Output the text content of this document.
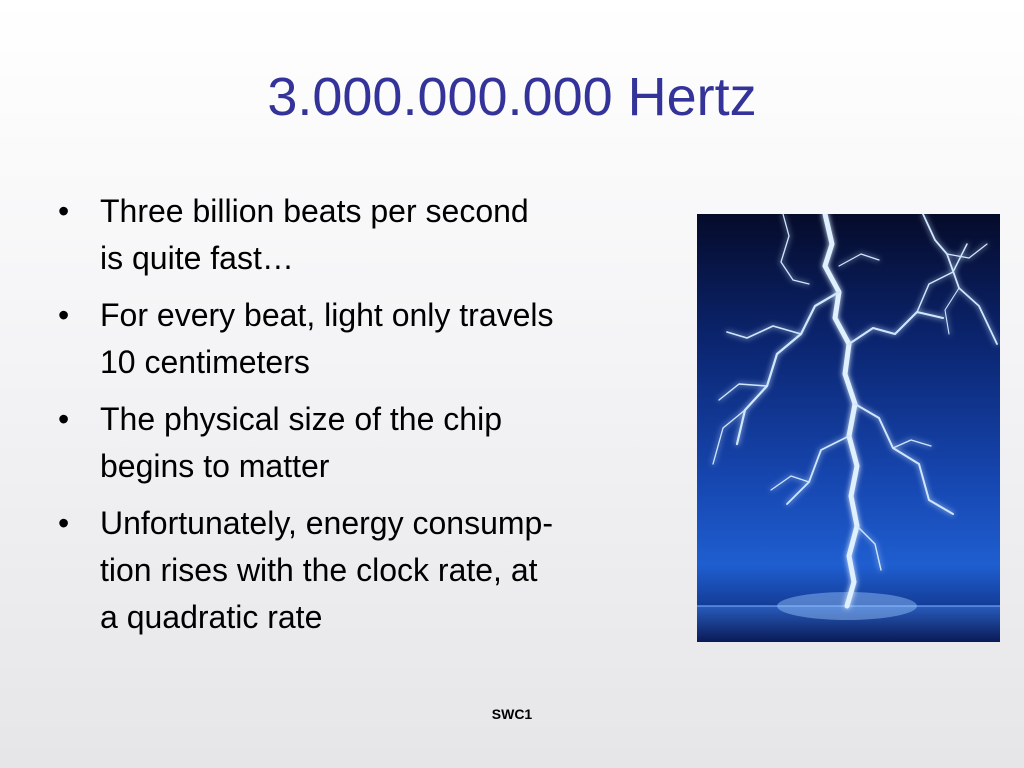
3.000.000.000 Hertz
• Three billion beats per second
is quite fast…
• For every beat, light only travels
10 centimeters
• The physical size of the chip
begins to matter
• Unfortunately, energy consump-
tion rises with the clock rate, at
a quadratic rate
SWC1
